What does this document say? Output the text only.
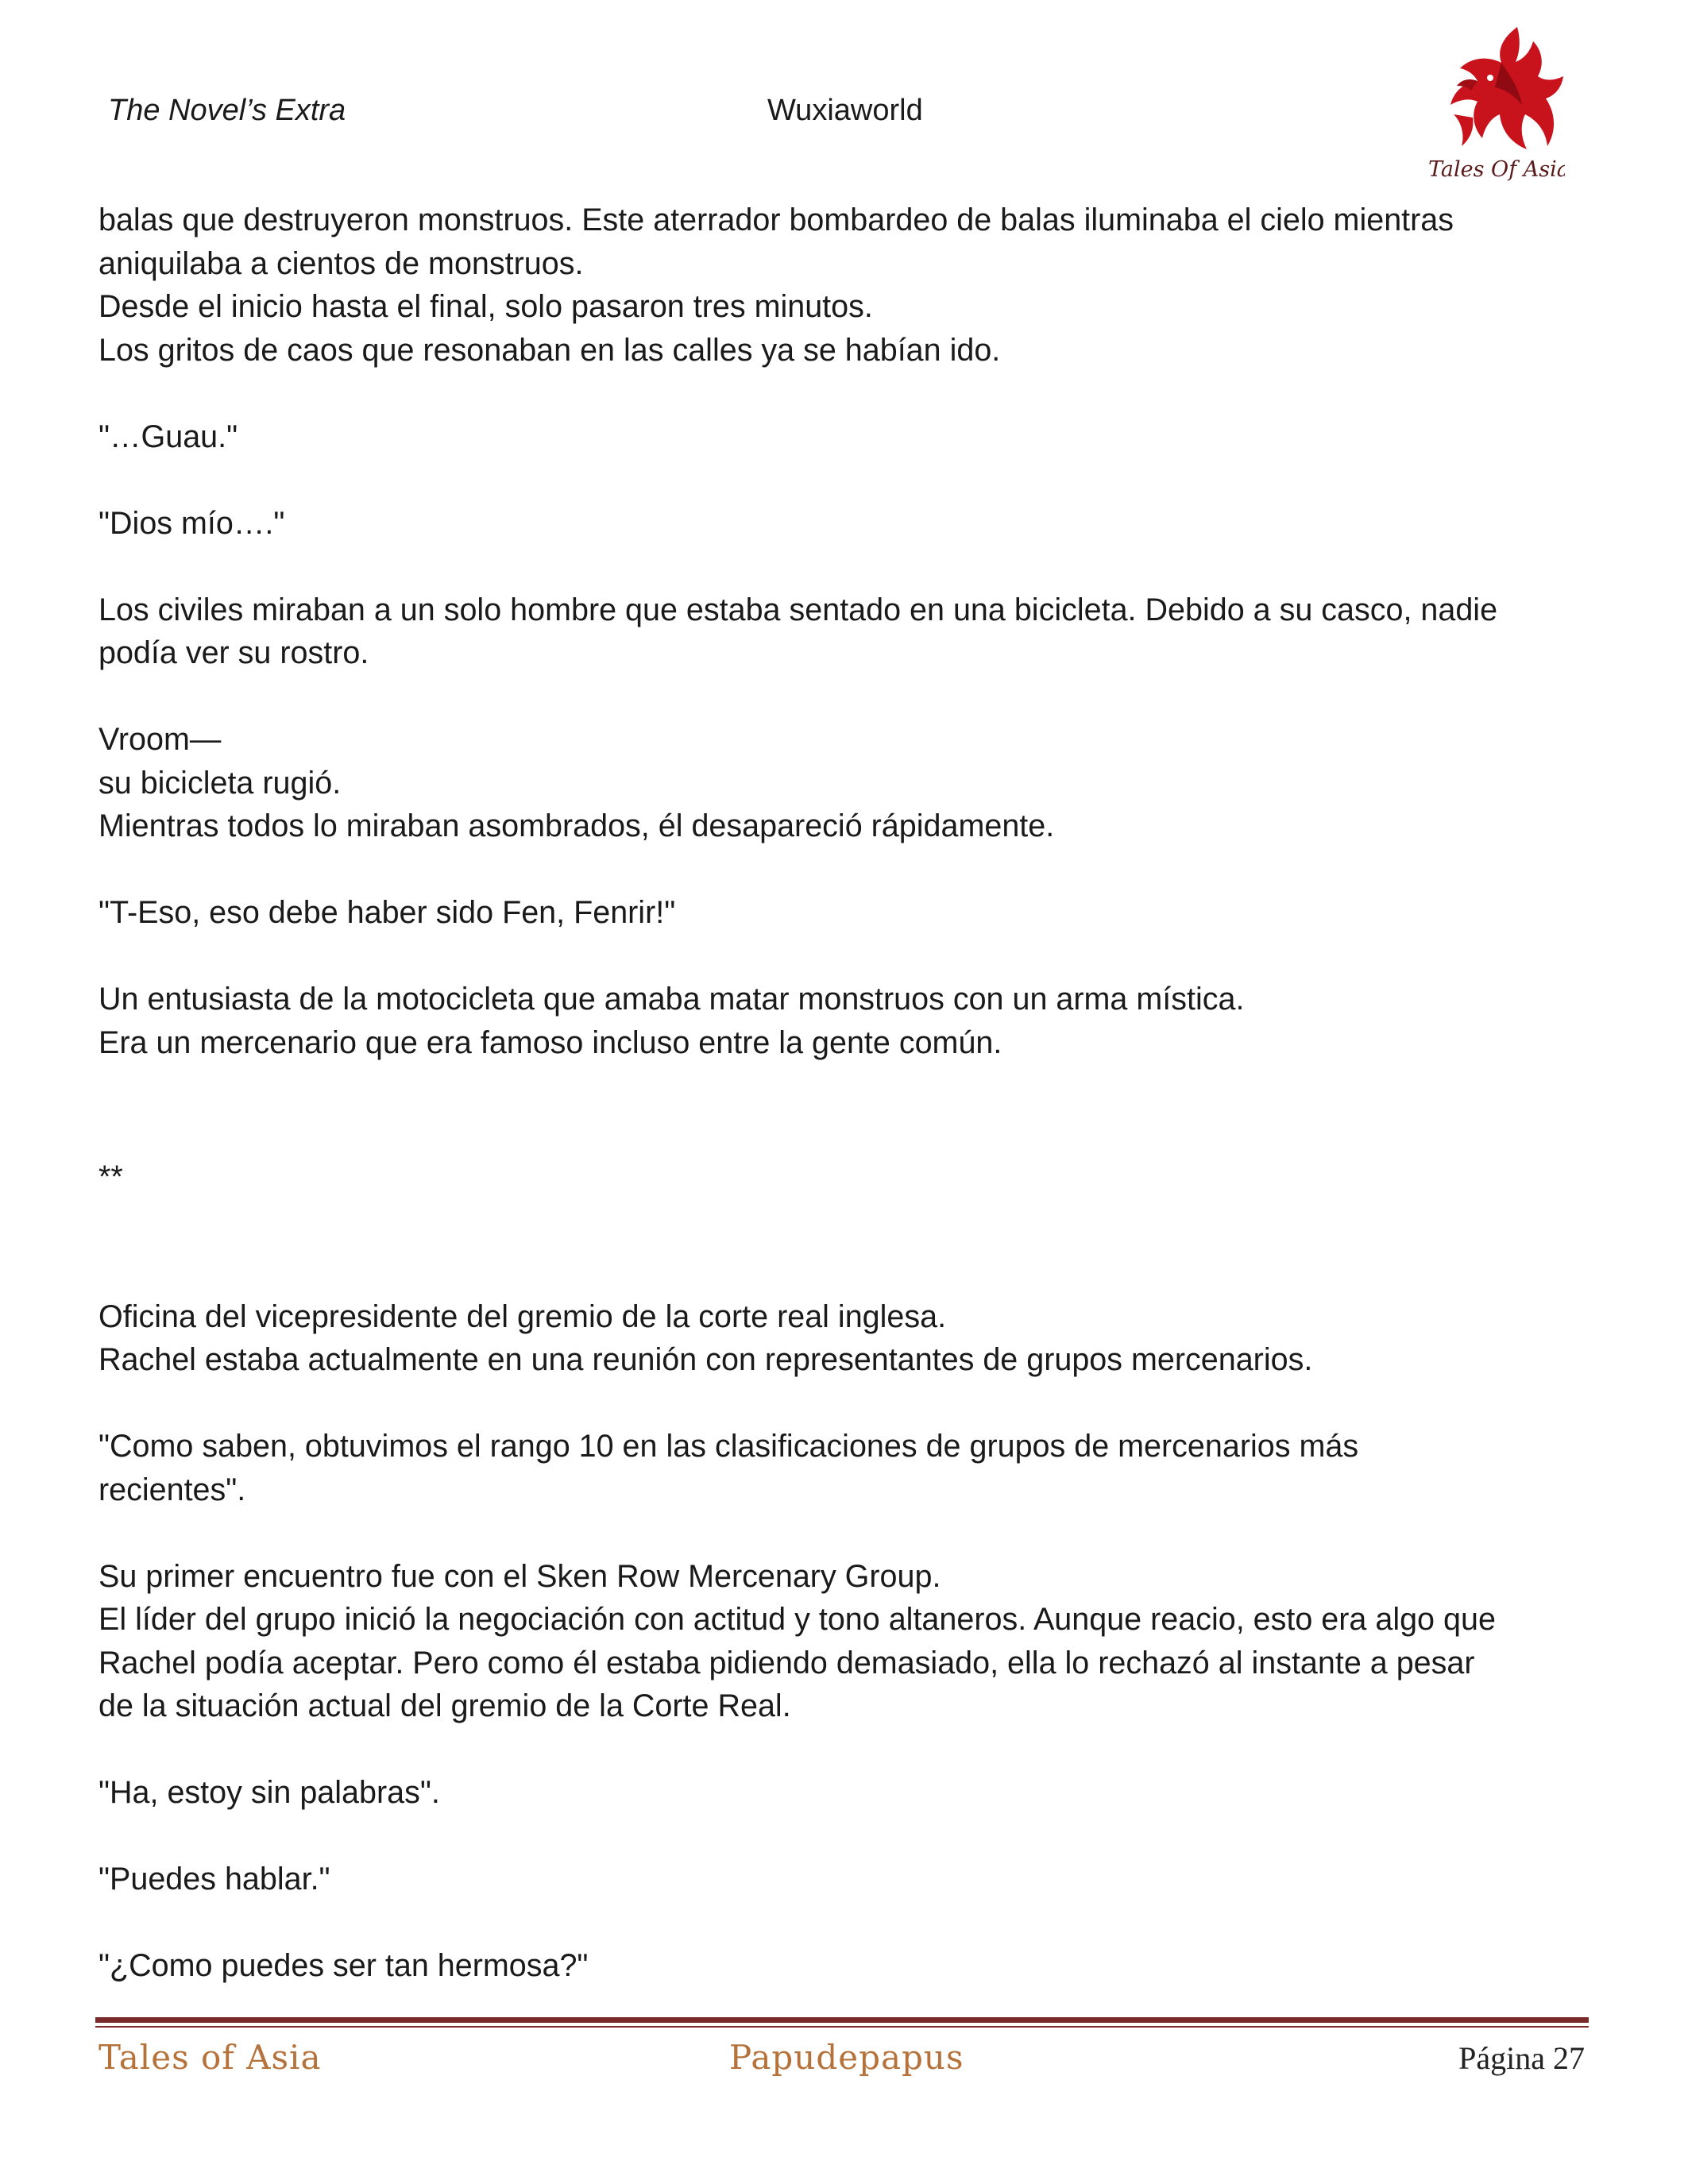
The Novel’s Extra	Wuxiaworld
Tales Of Asia

balas que destruyeron monstruos. Este aterrador bombardeo de balas iluminaba el cielo mientras
aniquilaba a cientos de monstruos.
Desde el inicio hasta el final, solo pasaron tres minutos.
Los gritos de caos que resonaban en las calles ya se habían ido.

"…Guau."

"Dios mío…."

Los civiles miraban a un solo hombre que estaba sentado en una bicicleta. Debido a su casco, nadie
podía ver su rostro.

Vroom—
su bicicleta rugió.
Mientras todos lo miraban asombrados, él desapareció rápidamente.

"T-Eso, eso debe haber sido Fen, Fenrir!"

Un entusiasta de la motocicleta que amaba matar monstruos con un arma mística.
Era un mercenario que era famoso incluso entre la gente común.

**

Oficina del vicepresidente del gremio de la corte real inglesa.
Rachel estaba actualmente en una reunión con representantes de grupos mercenarios.

"Como saben, obtuvimos el rango 10 en las clasificaciones de grupos de mercenarios más
recientes".

Su primer encuentro fue con el Sken Row Mercenary Group.
El líder del grupo inició la negociación con actitud y tono altaneros. Aunque reacio, esto era algo que
Rachel podía aceptar. Pero como él estaba pidiendo demasiado, ella lo rechazó al instante a pesar
de la situación actual del gremio de la Corte Real.

"Ha, estoy sin palabras".

"Puedes hablar."

"¿Como puedes ser tan hermosa?"

Tales of Asia	Papudepapus	Página 27
